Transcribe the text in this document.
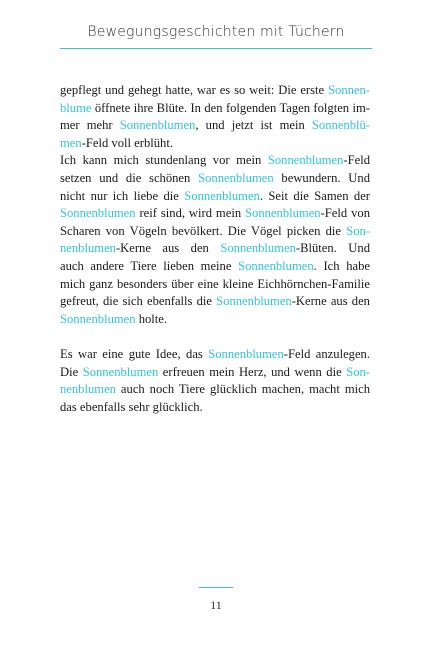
Bewegungsgeschichten mit Tüchern

gepflegt und gehegt hatte, war es so weit: Die erste Sonnen-
blume öffnete ihre Blüte. In den folgenden Tagen folgten im-
mer mehr Sonnenblumen, und jetzt ist mein Sonnenblü-
men-Feld voll erblüht.

Ich kann mich stundenlang vor mein Sonnenblumen-Feld
setzen und die schönen Sonnenblumen bewundern. Und
nicht nur ich liebe die Sonnenblumen. Seit die Samen der
Sonnenblumen reif sind, wird mein Sonnenblumen-Feld von
Scharen von Vögeln bevölkert. Die Vögel picken die Son-
nenblumen-Kerne aus den Sonnenblumen-Blüten. Und
auch andere Tiere lieben meine Sonnenblumen. Ich habe
mich ganz besonders über eine kleine Eichhörnchen-Familie
gefreut, die sich ebenfalls die Sonnenblumen-Kerne aus den
Sonnenblumen holte.

Es war eine gute Idee, das Sonnenblumen-Feld anzulegen.
Die Sonnenblumen erfreuen mein Herz, und wenn die Son-
nenblumen auch noch Tiere glücklich machen, macht mich
das ebenfalls sehr glücklich.

11
